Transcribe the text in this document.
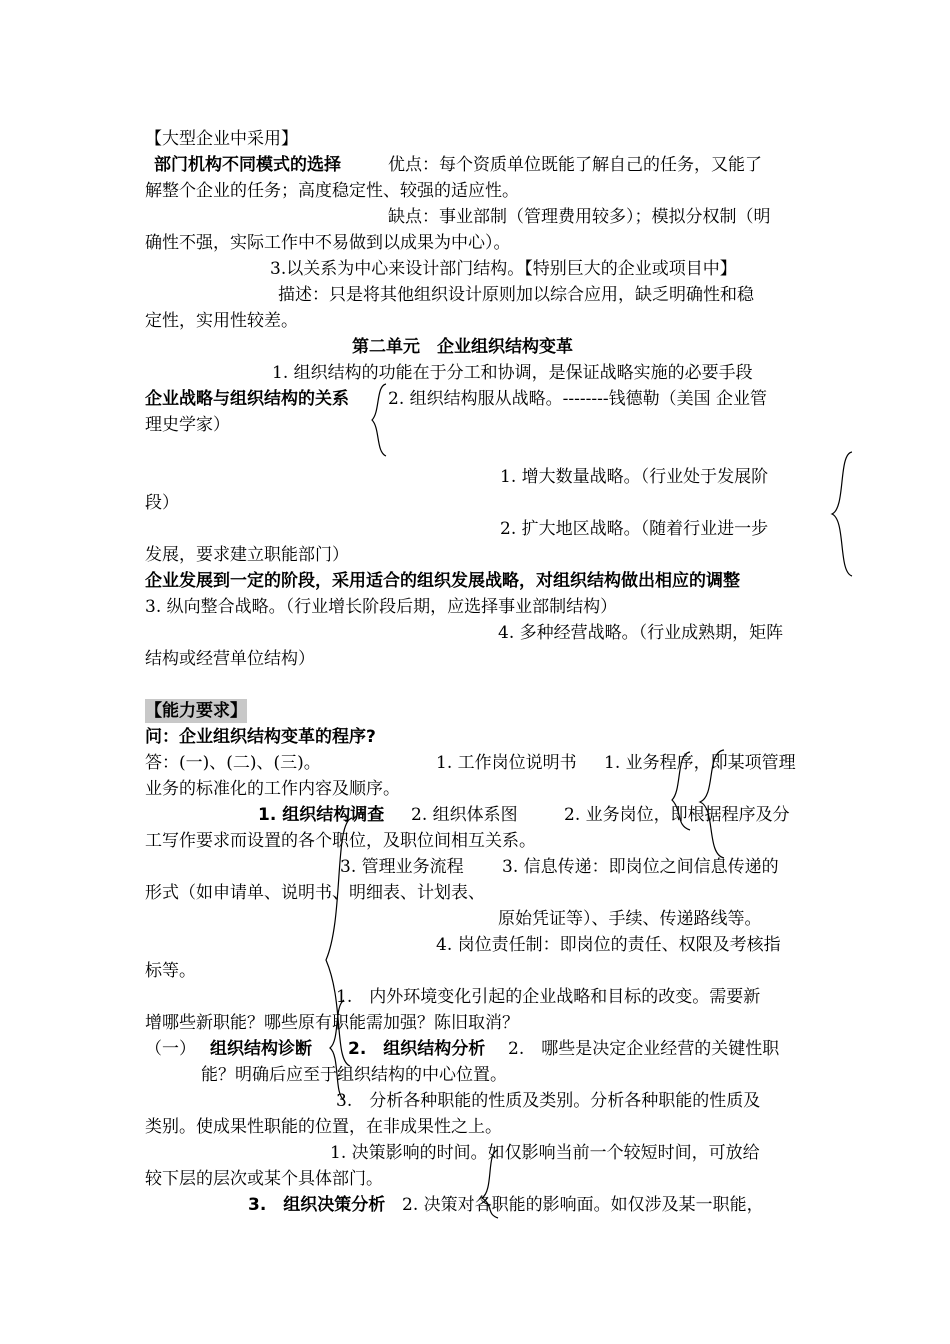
【大型企业中采用】
部门机构不同模式的选择	优点：每个资质单位既能了解自己的任务，又能了
解整个企业的任务；高度稳定性、较强的适应性。
缺点：事业部制（管理费用较多）；模拟分权制（明
确性不强，实际工作中不易做到以成果为中心）。
3.以关系为中心来设计部门结构。【特别巨大的企业或项目中】
描述：只是将其他组织设计原则加以综合应用，缺乏明确性和稳
定性，实用性较差。
第二单元　企业组织结构变革
1. 组织结构的功能在于分工和协调，是保证战略实施的必要手段
企业战略与组织结构的关系 2. 组织结构服从战略。--------钱德勒（美国 企业管
理史学家）
1. 增大数量战略。（行业处于发展阶
段）
2. 扩大地区战略。（随着行业进一步
发展，要求建立职能部门）
企业发展到一定的阶段，采用适合的组织发展战略，对组织结构做出相应的调整
3. 纵向整合战略。（行业增长阶段后期，应选择事业部制结构）
4. 多种经营战略。（行业成熟期，矩阵
结构或经营单位结构）
【能力要求】
问：企业组织结构变革的程序?
答：(一)、(二)、(三)。	1. 工作岗位说明书 1. 业务程序，即某项管理
业务的标准化的工作内容及顺序。
1. 组织结构调查 2. 组织体系图	2. 业务岗位，即根据程序及分
工写作要求而设置的各个职位，及职位间相互关系。
3. 管理业务流程 3. 信息传递：即岗位之间信息传递的
形式（如申请单、说明书、明细表、计划表、
原始凭证等）、手续、传递路线等。
4. 岗位责任制：即岗位的责任、权限及考核指
标等。
1.　内外环境变化引起的企业战略和目标的改变。需要新
增哪些新职能？哪些原有职能需加强？陈旧取消？
（一） 组织结构诊断 2.　组织结构分析 2.　哪些是决定企业经营的关键性职
能？明确后应至于组织结构的中心位置。
3.　分析各种职能的性质及类别。分析各种职能的性质及
类别。使成果性职能的位置，在非成果性之上。
1. 决策影响的时间。如仅影响当前一个较短时间，可放给
较下层的层次或某个具体部门。
3.　组织决策分析 2. 决策对各职能的影响面。如仅涉及某一职能，
